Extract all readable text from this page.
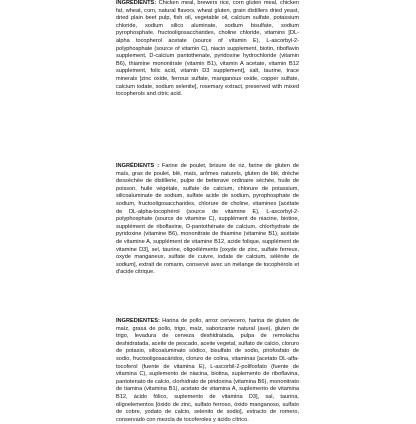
INGREDIENTS: Chicken meal, brewers rice, corn gluten meal, chicken fat, wheat, corn, natural flavors, wheat gluten, grain distillers dried yeast, dried plain beet pulp, fish oil, vegetable oil, calcium sulfate, potassium chloride, sodium silico aluminate, sodium bisulfate, sodium pyrophosphate, fructooligosaccharides, choline chloride, vitamins [DL-alpha tocopherol acetate (source of vitamin E), L-ascorbyl-2-polyphosphate (source of vitamin C), niacin supplement, biotin, riboflavin supplement, D-calcium pantothenate, pyridoxine hydrochloride (vitamin B6), thiamine mononitrate (vitamin B1), vitamin A acetate, vitamin B12 supplement, folic acid, vitamin D3 supplement], salt, taurine, trace minerals [zinc oxide, ferrous sulfate, manganous oxide, copper sulfate, calcium iodate, sodium selenite], rosemary extract, preserved with mixed tocopherols and citric acid.

INGRÉDIENTS : Farine de poulet, brisure de riz, farine de gluten de maïs, gras de poulet, blé, maïs, arômes naturels, gluten de blé, drèche desséchée de distillerie, pulpe de betterave ordinaire séchée, huile de poisson, huile végétale, sulfate de calcium, chlorure de potassium, silicoaluminate de sodium, sulfate acide de sodium, pyrophosphate de sodium, fructooligosaccharides, chlorure de choline, vitamines [acétate de DL-alpha-tocophérol (source de vitamine E), L-ascorbyl-2-polyphosphate (source de vitamine C), supplément de niacine, biotine, supplément de riboflavine, D-pantothénate de calcium, chlorhydrate de pyridoxine (vitamine B6), mononitrate de thiamine (vitamine B1), acétate de vitamine A, supplément de vitamine B12, acide folique, supplément de vitamine D3], sel, taurine, oligoéléments [oxyde de zinc, sulfate ferreux, oxyde manganeux, sulfate de cuivre, iodate de calcium, sélénite de sodium], extrait de romarin, conservé avec un mélange de tocophérols et d'acide citrique.

INGREDIENTES: Harina de pollo, arroz cervecero, harina de gluten de maíz, grasa de pollo, trigo, maíz, saborizante natural (ave), gluten de trigo, levadura de cerveza deshidratada, pulpa de remolacha deshidratada, aceite de pescado, aceite vegetal, sulfato de calcio, cloruro de potasio, silicoaluminato sódico, bisulfato de sodio, pirofosfato de sodio, fructooligosacáridos, cloruro de colina, vitaminas [acetato DL-alfa-tocoferol (fuente de vitamina E), L-ascorbil-2-polifosfato (fuente de vitamina C), suplemento de niacina, biotina, suplemento de riboflavina, pantotenato de calcio, clorhidrato de piridoxina (vitamina B6), mononitrato de tiamina (vitamina B1), acetato de vitamina A, suplemento de vitamina B12, ácido fólico, suplemento de vitamina D3], sal, taurina, oligoelementos [óxido de zinc, sulfato ferroso, óxido manganoso, sulfato de cobre, yodato de calcio, selenito de sodio], extracto de romero, conservado con mezcla de tocoferoles y ácido cítrico.
